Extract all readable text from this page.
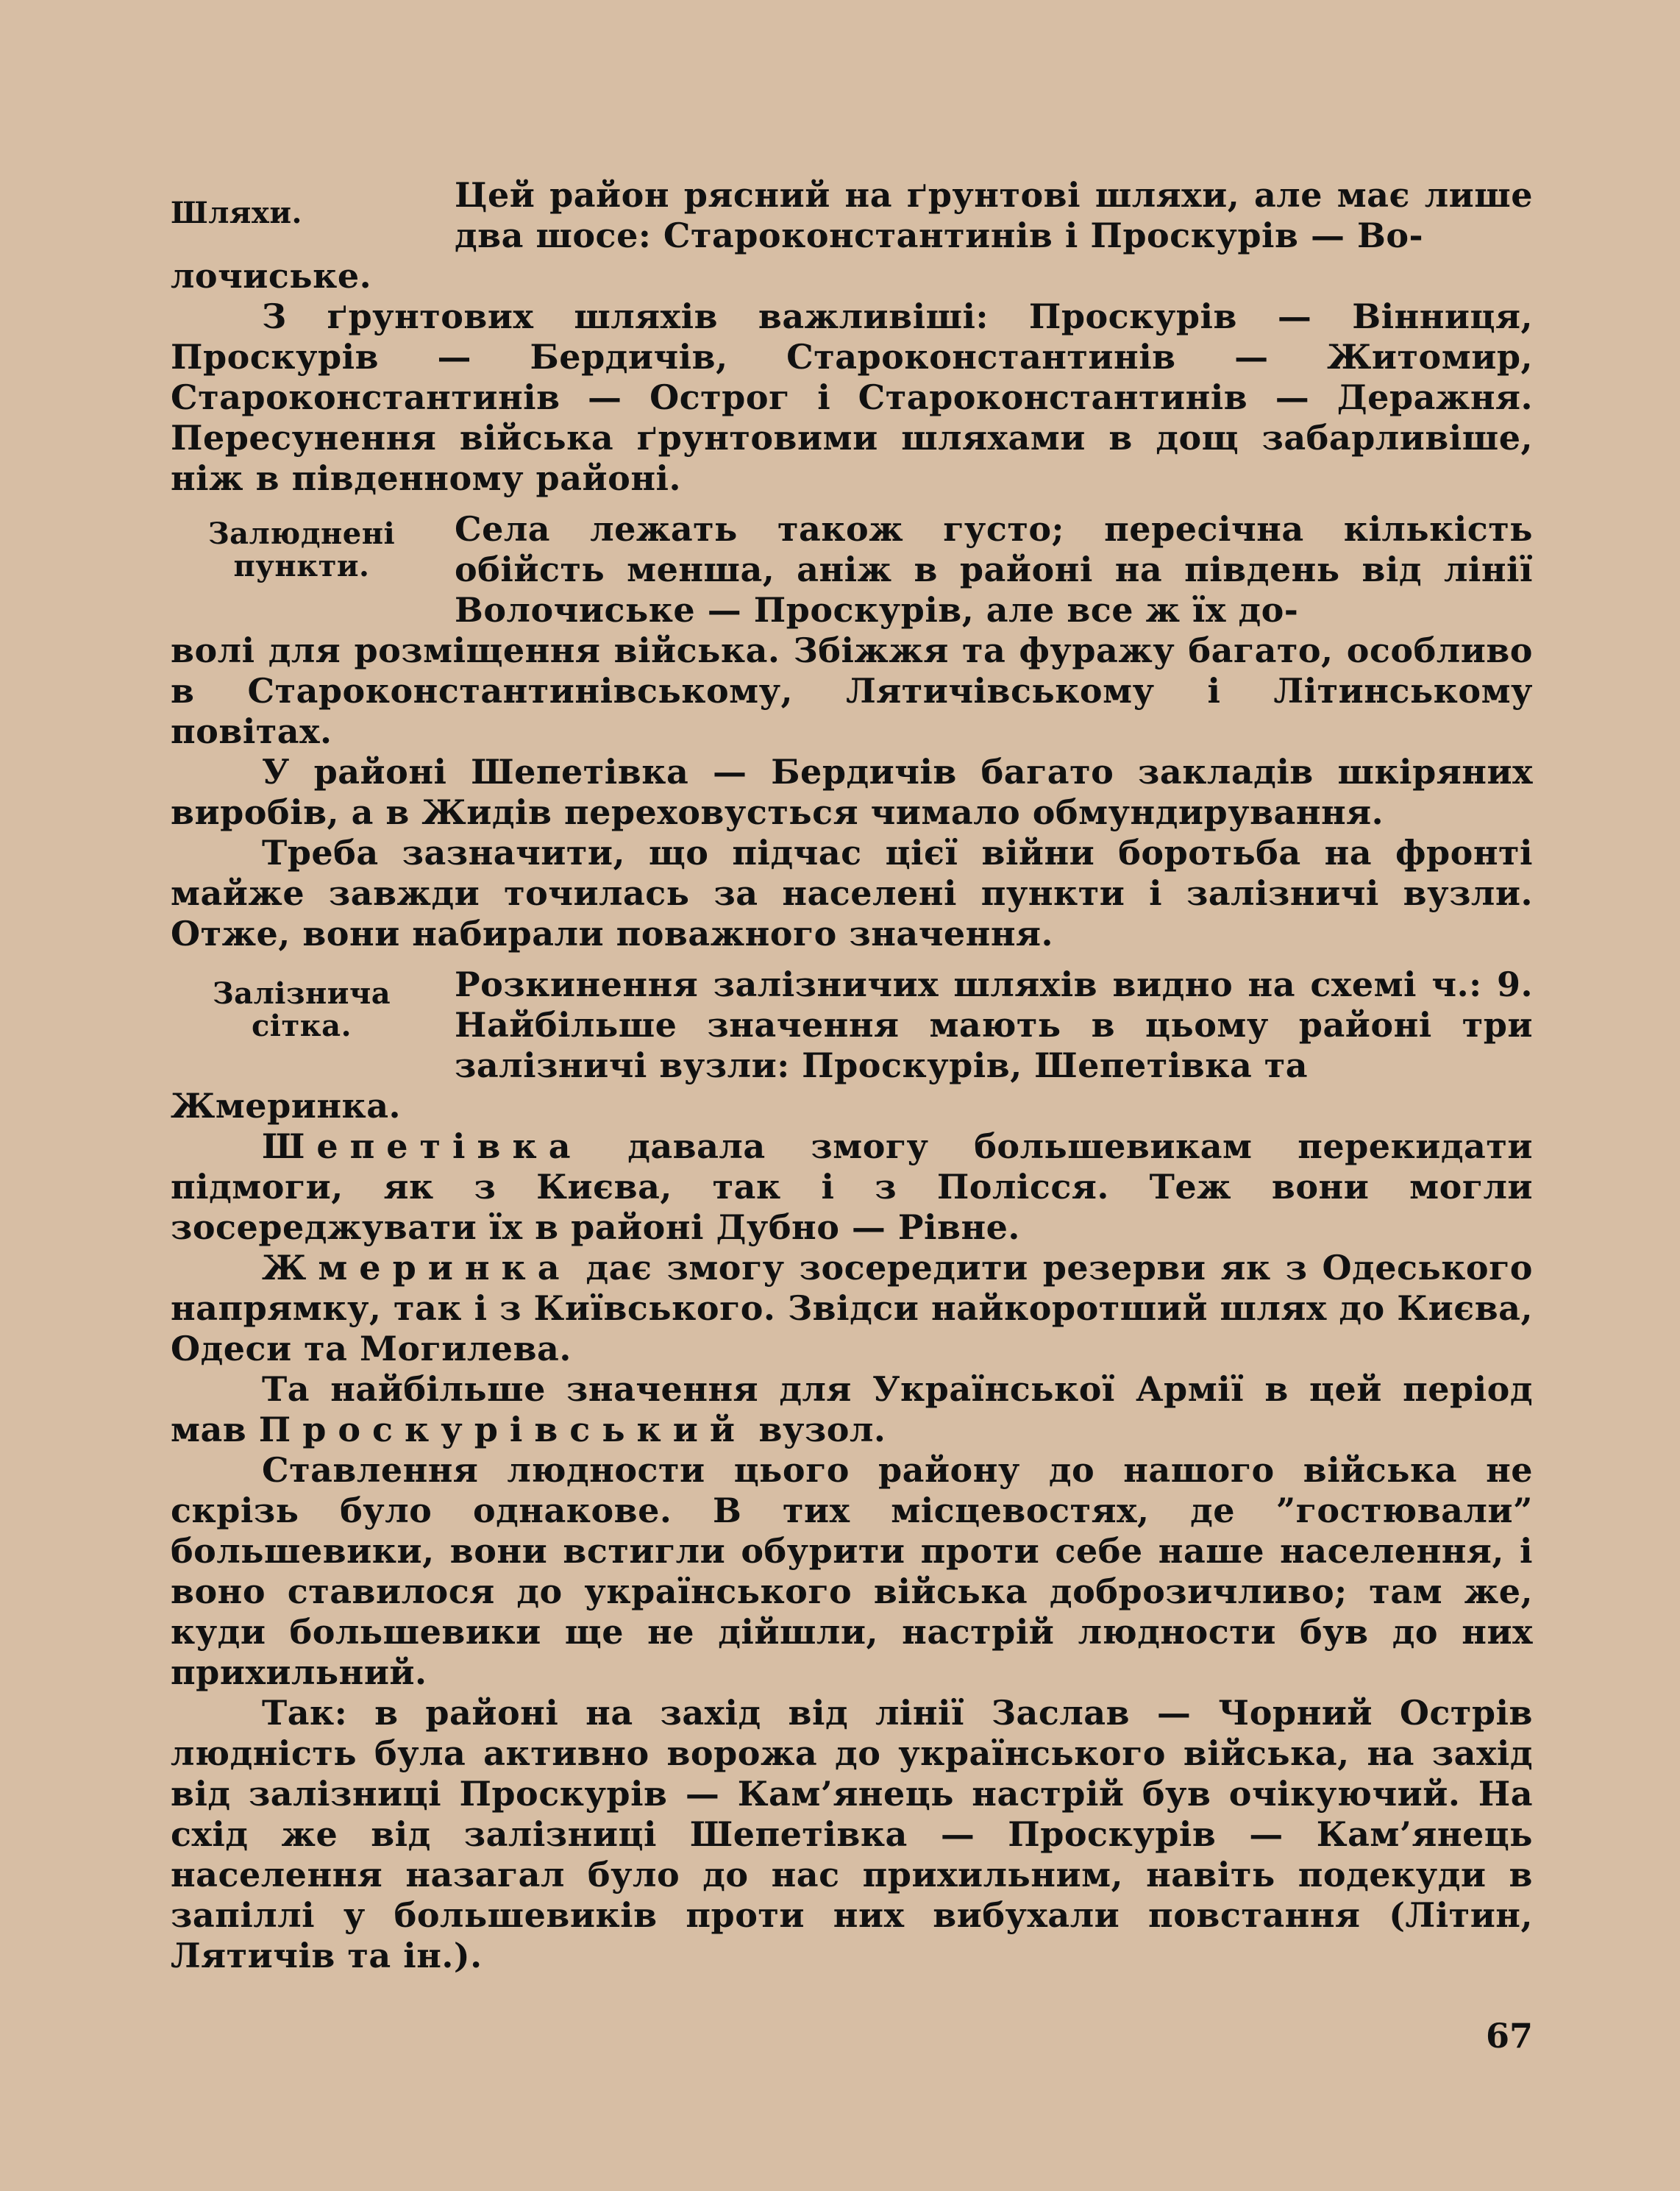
Шляхи.	Цей район рясний на ґрунтові шляхи, але має лише два шосе: Староконстантинів і Проскурів — Во-

лочиське.

З ґрунтових шляхів важливіші: Проскурів — Вінниця, Проскурів — Бердичів, Староконстантинів — Житомир, Староконстантинів — Острог і Староконстантинів — Деражня. Пересунення війська ґрунтовими шляхами в дощ забарливіше, ніж в південному районі.

Залюднені
пункти.

Села лежать також густо; пересічна кількість обійсть менша, аніж в районі на південь від лінії Волочиське — Проскурів, але все ж їх до-

волі для розміщення війська. Збіжжя та фуражу багато, особливо в Староконстантинівському, Лятичівському і Літинському повітах.

У районі Шепетівка — Бердичів багато закладів шкіряних виробів, а в Жидів переховусться чимало обмундирування.

Треба зазначити, що підчас цієї війни боротьба на фронті майже завжди точилась за населені пункти і залізничі вузли. Отже, вони набирали поважного значення.

Залізнича
сітка.

Розкинення залізничих шляхів видно на схемі ч.: 9. Найбільше значення мають в цьому районі три залізничі вузли: Проскурів, Шепетівка та

Жмеринка.

Шепетівка давала змогу большевикам перекидати підмоги, як з Києва, так і з Полісся. Теж вони могли зосереджувати їх в районі Дубно — Рівне.

Жмеринка дає змогу зосередити резерви як з Одеського напрямку, так і з Київського. Звідси найкоротший шлях до Києва, Одеси та Могилева.

Та найбільше значення для Української Армії в цей період мав Проскурівський вузол.

Ставлення людности цього району до нашого війська не скрізь було однакове. В тих місцевостях, де ”гостювали” большевики, вони встигли обурити проти себе наше населення, і воно ставилося до українського війська доброзичливо; там же, куди большевики ще не дійшли, настрій людности був до них прихильний.

Так: в районі на захід від лінії Заслав — Чорний Острів людність була активно ворожа до українського війська, на захід від залізниці Проскурів — Кам’янець настрій був очікуючий. На схід же від залізниці Шепетівка — Проскурів — Кам’янець населення назагал було до нас прихильним, навіть подекуди в запіллі у большевиків проти них вибухали повстання (Літин, Лятичів та ін.).

67
